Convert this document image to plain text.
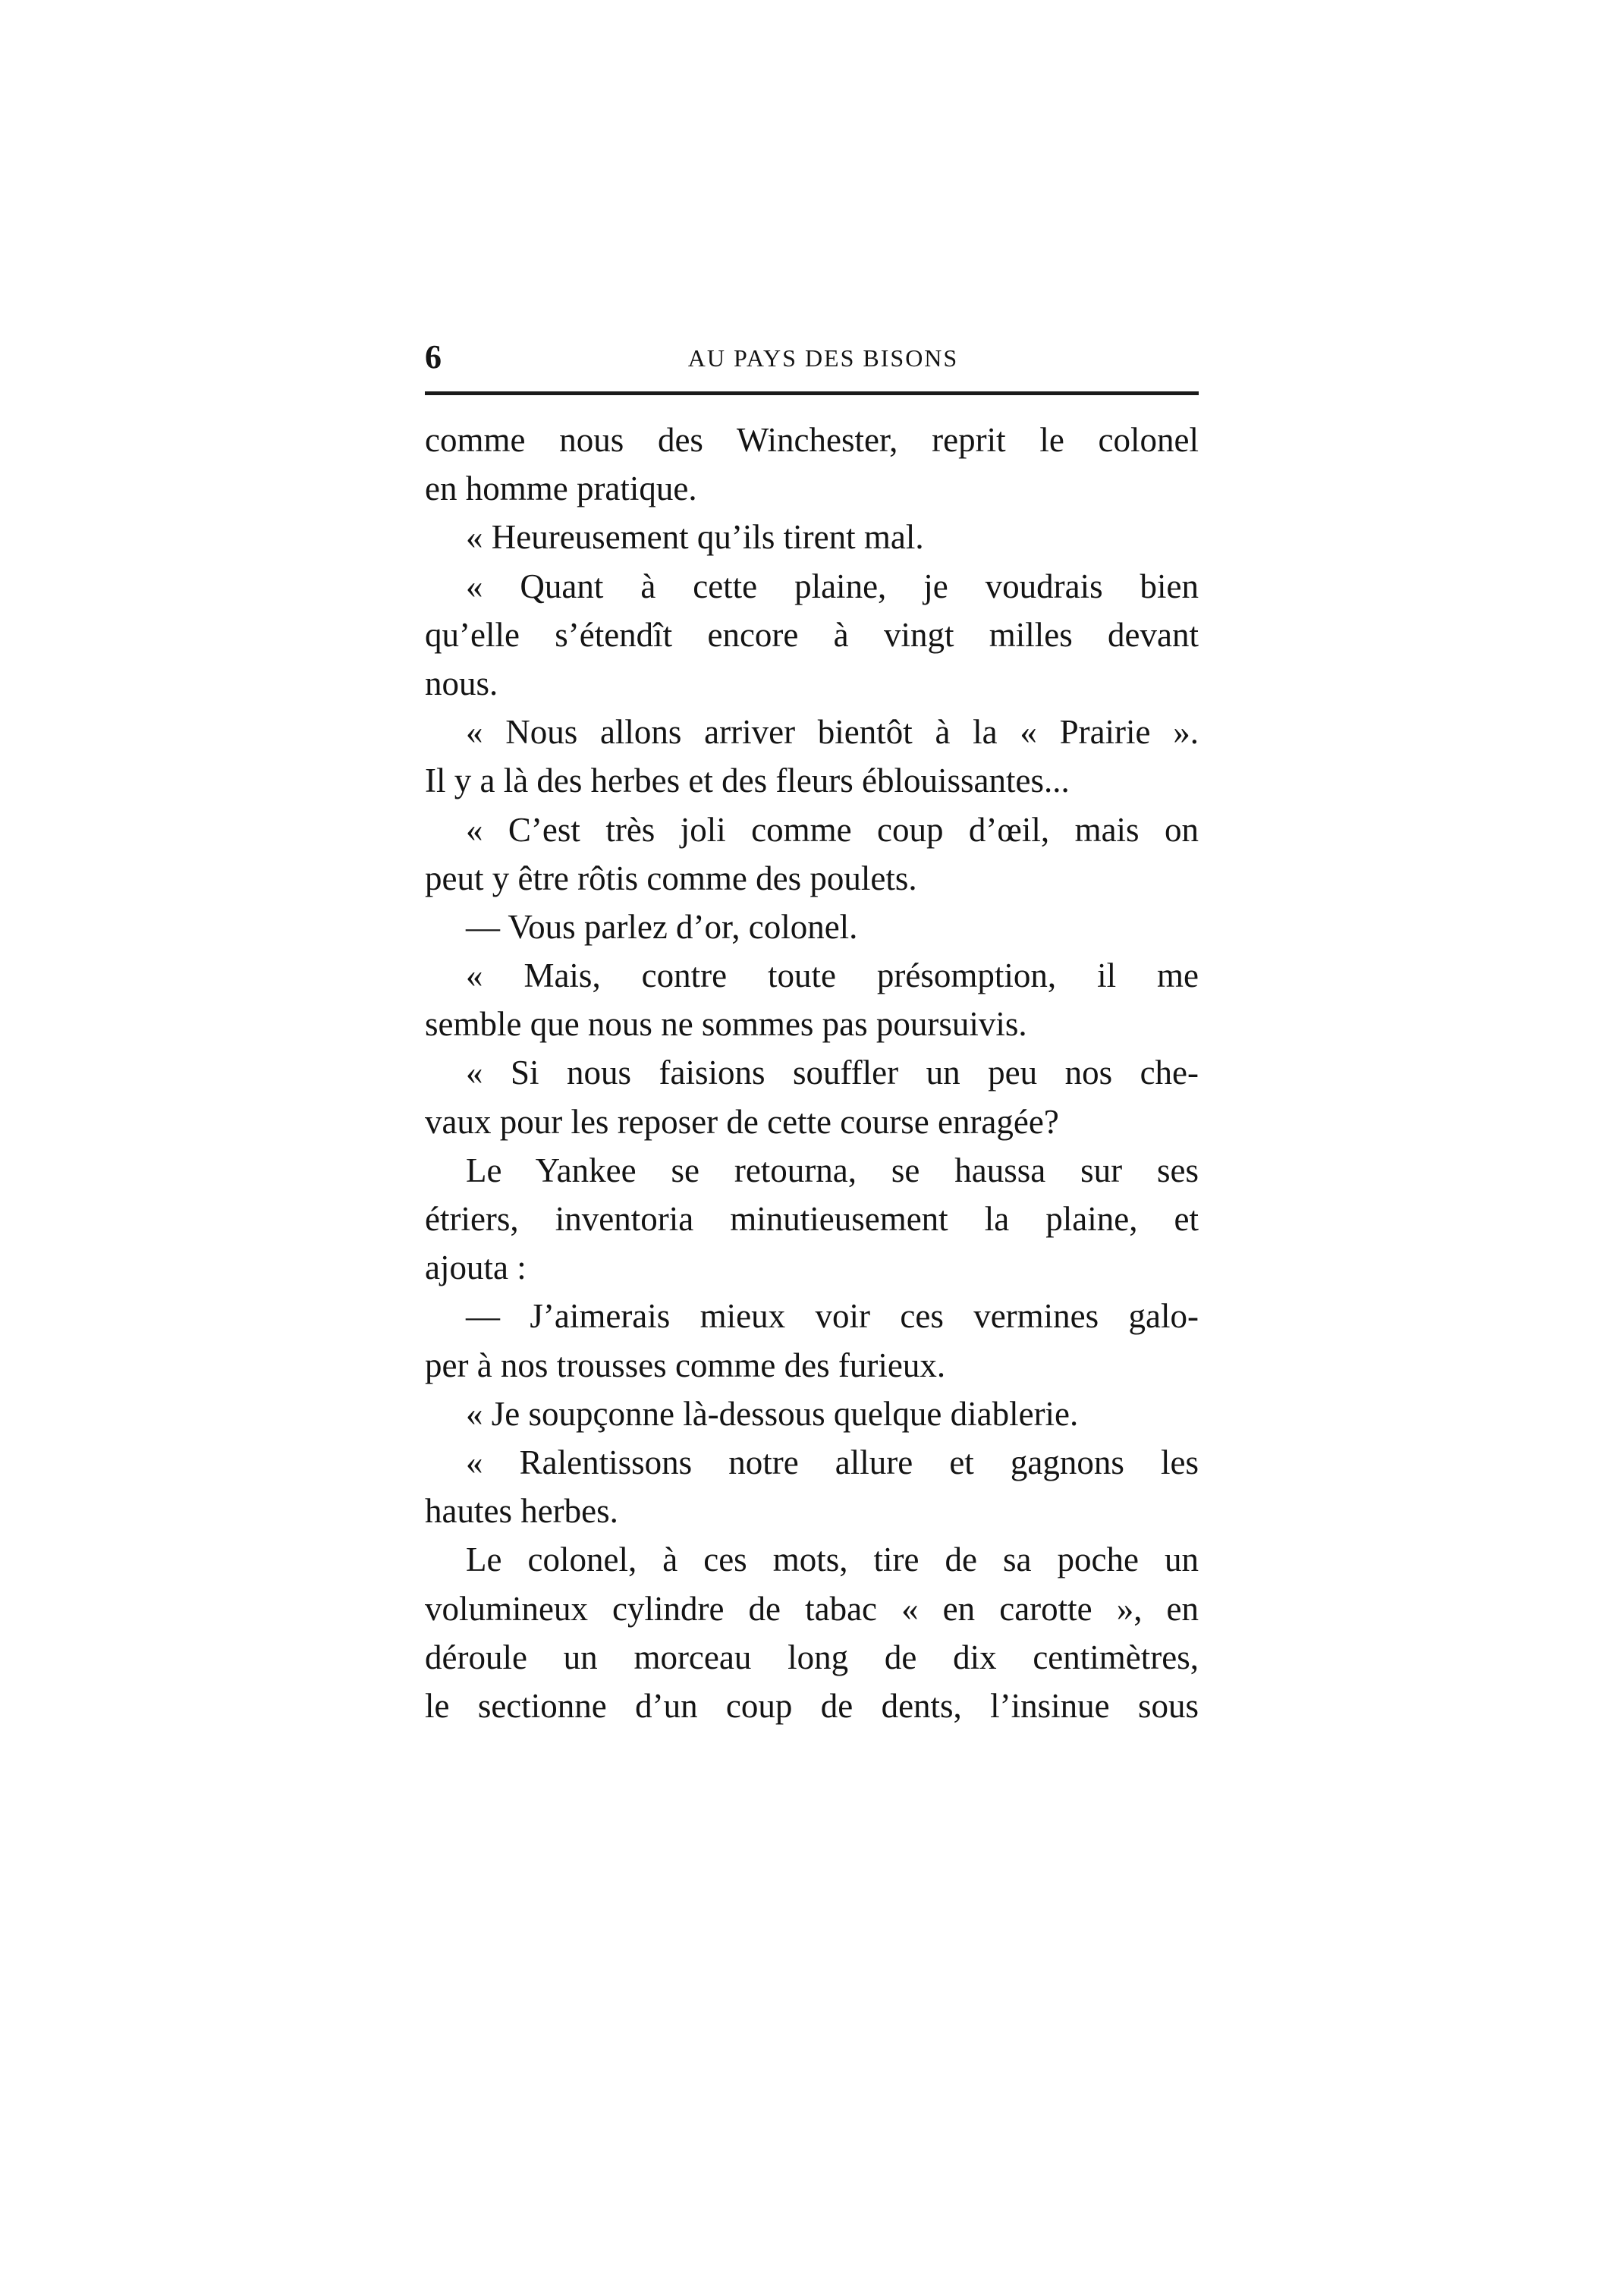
6	AU PAYS DES BISONS
comme nous des Winchester, reprit le colonel
en homme pratique.
« Heureusement qu’ils tirent mal.
« Quant à cette plaine, je voudrais bien
qu’elle s’étendît encore à vingt milles devant
nous.
« Nous allons arriver bientôt à la « Prairie ».
Il y a là des herbes et des fleurs éblouissantes...
« C’est très joli comme coup d’œil, mais on
peut y être rôtis comme des poulets.
— Vous parlez d’or, colonel.
« Mais, contre toute présomption, il me
semble que nous ne sommes pas poursuivis.
« Si nous faisions souffler un peu nos che-
vaux pour les reposer de cette course enragée?
Le Yankee se retourna, se haussa sur ses
étriers, inventoria minutieusement la plaine, et
ajouta :
— J’aimerais mieux voir ces vermines galo-
per à nos trousses comme des furieux.
« Je soupçonne là-dessous quelque diablerie.
« Ralentissons notre allure et gagnons les
hautes herbes.
Le colonel, à ces mots, tire de sa poche un
volumineux cylindre de tabac « en carotte », en
déroule un morceau long de dix centimètres,
le sectionne d’un coup de dents, l’insinue sous
